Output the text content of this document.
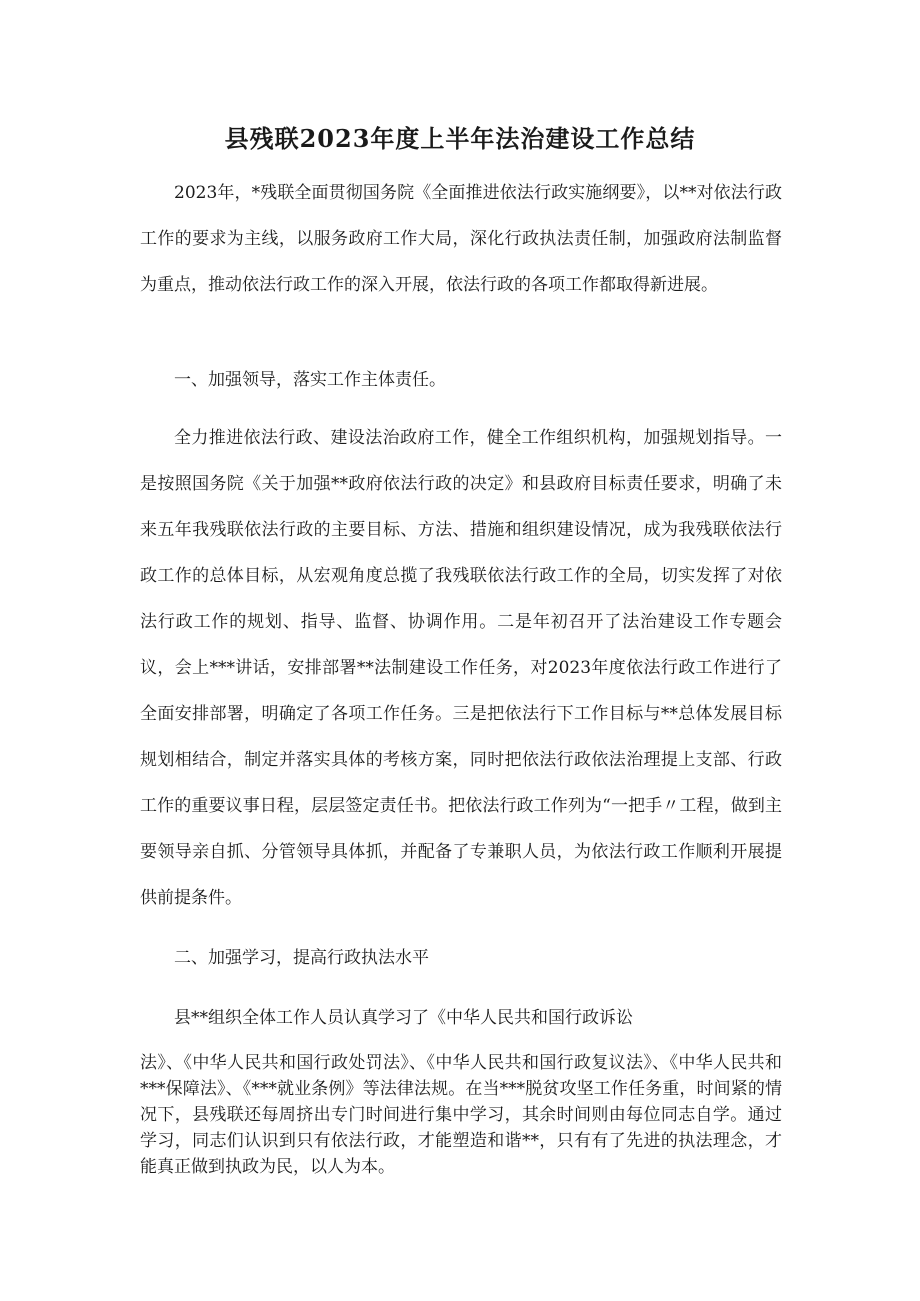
县残联2023年度上半年法治建设工作总结

2023年，*残联全面贯彻国务院《全面推进依法行政实施纲要》，以**对依法行政工作的要求为主线，以服务政府工作大局，深化行政执法责任制，加强政府法制监督为重点，推动依法行政工作的深入开展，依法行政的各项工作都取得新进展。

一、加强领导，落实工作主体责任。

全力推进依法行政、建设法治政府工作，健全工作组织机构，加强规划指导。一是按照国务院《关于加强**政府依法行政的决定》和县政府目标责任要求，明确了未来五年我残联依法行政的主要目标、方法、措施和组织建设情况，成为我残联依法行政工作的总体目标，从宏观角度总揽了我残联依法行政工作的全局，切实发挥了对依法行政工作的规划、指导、监督、协调作用。二是年初召开了法治建设工作专题会议，会上***讲话，安排部署**法制建设工作任务，对2023年度依法行政工作进行了全面安排部署，明确定了各项工作任务。三是把依法行下工作目标与**总体发展目标规划相结合，制定并落实具体的考核方案，同时把依法行政依法治理提上支部、行政工作的重要议事日程，层层签定责任书。把依法行政工作列为“一把手〃工程，做到主要领导亲自抓、分管领导具体抓，并配备了专兼职人员，为依法行政工作顺利开展提供前提条件。

二、加强学习，提高行政执法水平

县**组织全体工作人员认真学习了《中华人民共和国行政诉讼

法》、《中华人民共和国行政处罚法》、《中华人民共和国行政复议法》、《中华人民共和***保障法》、《***就业条例》等法律法规。在当***脱贫攻坚工作任务重，时间紧的情况下，县残联还每周挤出专门时间进行集中学习，其余时间则由每位同志自学。通过学习，同志们认识到只有依法行政，才能塑造和谐**，只有有了先进的执法理念，才能真正做到执政为民，以人为本。
